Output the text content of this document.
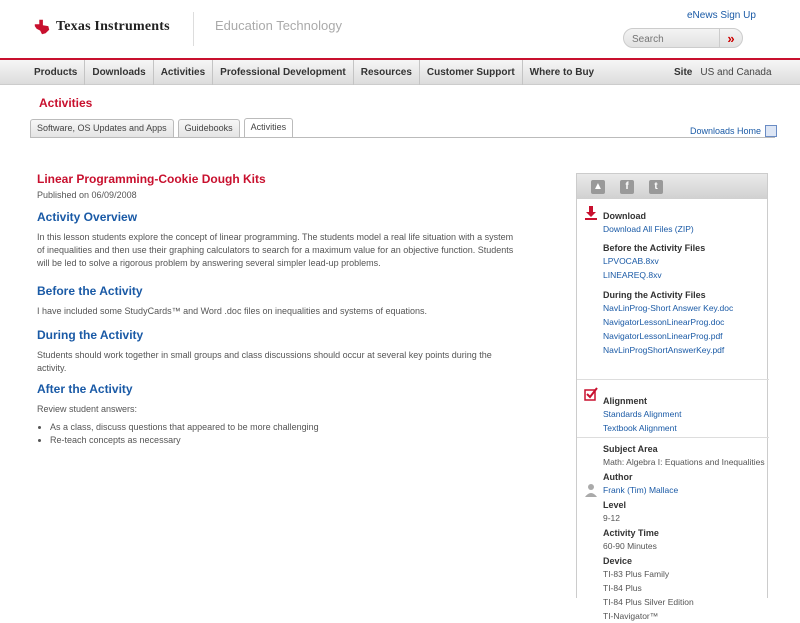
Texas Instruments	Education Technology
eNews Sign Up
Search
»
Products	Downloads	Activities	Professional Development	Resources	Customer Support	Where to Buy	Site US and Canada
Activities
Software, OS Updates and Apps	Guidebooks	Activities	Downloads Home
Linear Programming-Cookie Dough Kits
Published on 06/09/2008
Activity Overview
In this lesson students explore the concept of linear programming. The students model a real life situation with a system of inequalities and then use their graphing calculators to search for a maximum value for an objective function. Students will be led to solve a rigorous problem by answering several simpler lead-up problems.
Before the Activity
I have included some StudyCards™ and Word .doc files on inequalities and systems of equations.
During the Activity
Students should work together in small groups and class discussions should occur at several key points during the activity.
After the Activity
Review student answers:
• As a class, discuss questions that appeared to be more challenging
• Re-teach concepts as necessary
▲	f	t
Download
Download All Files (ZIP)
Before the Activity Files
LPVOCAB.8xv
LINEAREQ.8xv
During the Activity Files
NavLinProg-Short Answer Key.doc
NavigatorLessonLinearProg.doc
NavigatorLessonLinearProg.pdf
NavLinProgShortAnswerKey.pdf
Alignment
Standards Alignment
Textbook Alignment
Subject Area
Math: Algebra I: Equations and Inequalities
Author
Frank (Tim) Mallace
Level
9-12
Activity Time
60-90 Minutes
Device
TI-83 Plus Family
TI-84 Plus
TI-84 Plus Silver Edition
TI-Navigator™
